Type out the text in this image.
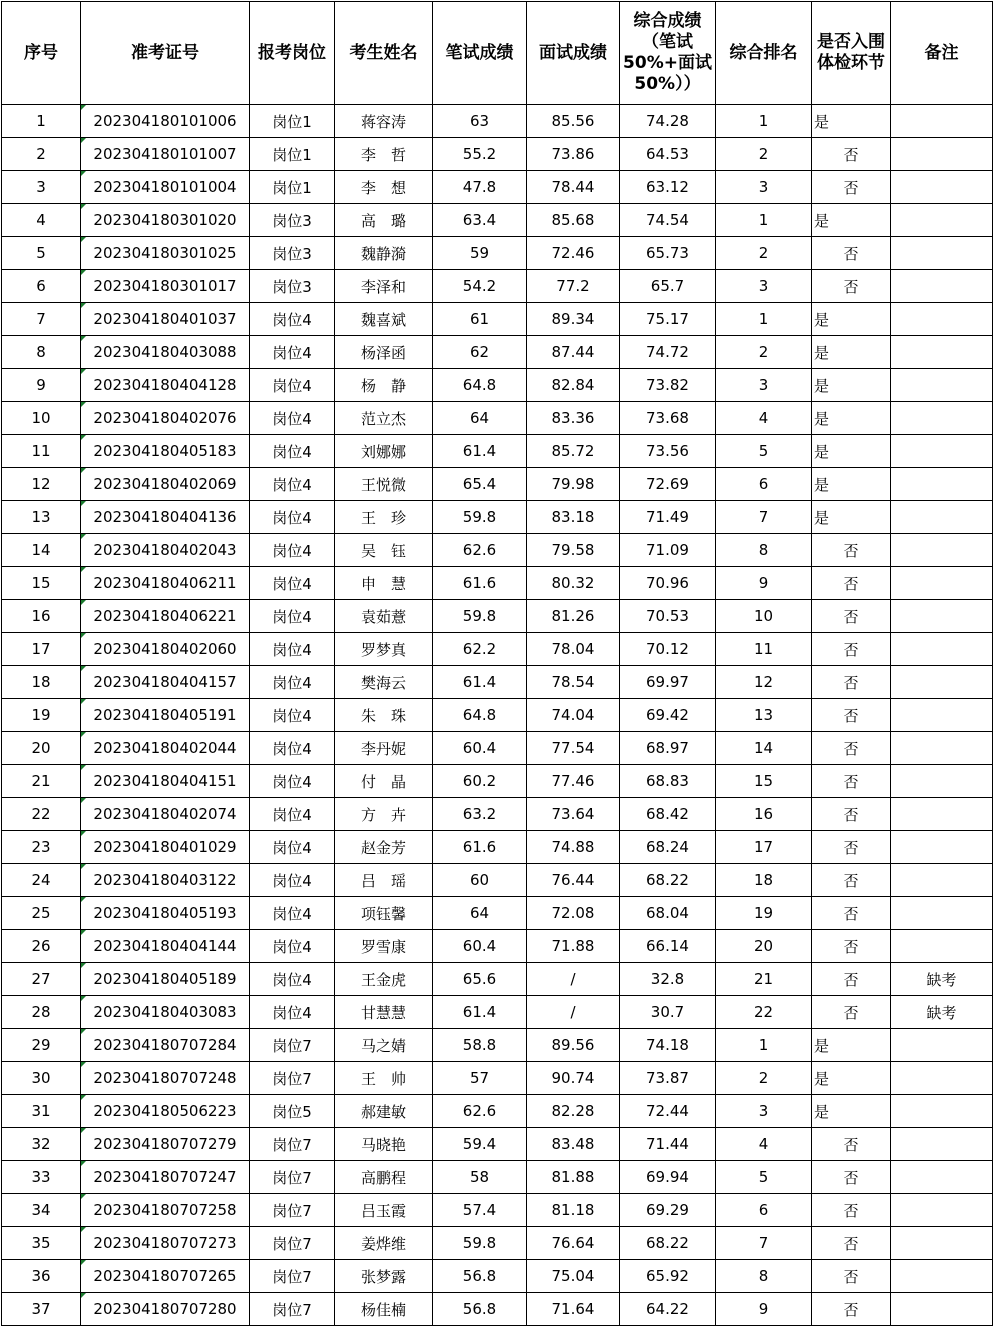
序号	准考证号	报考岗位	考生姓名	笔试成绩	面试成绩	综合成绩（笔试50%+面试50%））	综合排名	是否入围体检环节	备注
1	202304180101006	岗位1	蒋容涛	63	85.56	74.28	1	是	
2	202304180101007	岗位1	李　哲	55.2	73.86	64.53	2	否	
3	202304180101004	岗位1	李　想	47.8	78.44	63.12	3	否	
4	202304180301020	岗位3	高　璐	63.4	85.68	74.54	1	是	
5	202304180301025	岗位3	魏静漪	59	72.46	65.73	2	否	
6	202304180301017	岗位3	李泽和	54.2	77.2	65.7	3	否	
7	202304180401037	岗位4	魏喜斌	61	89.34	75.17	1	是	
8	202304180403088	岗位4	杨泽函	62	87.44	74.72	2	是	
9	202304180404128	岗位4	杨　静	64.8	82.84	73.82	3	是	
10	202304180402076	岗位4	范立杰	64	83.36	73.68	4	是	
11	202304180405183	岗位4	刘娜娜	61.4	85.72	73.56	5	是	
12	202304180402069	岗位4	王悦微	65.4	79.98	72.69	6	是	
13	202304180404136	岗位4	王　珍	59.8	83.18	71.49	7	是	
14	202304180402043	岗位4	吴　钰	62.6	79.58	71.09	8	否	
15	202304180406211	岗位4	申　慧	61.6	80.32	70.96	9	否	
16	202304180406221	岗位4	袁茹薏	59.8	81.26	70.53	10	否	
17	202304180402060	岗位4	罗梦真	62.2	78.04	70.12	11	否	
18	202304180404157	岗位4	樊海云	61.4	78.54	69.97	12	否	
19	202304180405191	岗位4	朱　珠	64.8	74.04	69.42	13	否	
20	202304180402044	岗位4	李丹妮	60.4	77.54	68.97	14	否	
21	202304180404151	岗位4	付　晶	60.2	77.46	68.83	15	否	
22	202304180402074	岗位4	方　卉	63.2	73.64	68.42	16	否	
23	202304180401029	岗位4	赵金芳	61.6	74.88	68.24	17	否	
24	202304180403122	岗位4	吕　瑶	60	76.44	68.22	18	否	
25	202304180405193	岗位4	项钰馨	64	72.08	68.04	19	否	
26	202304180404144	岗位4	罗雪康	60.4	71.88	66.14	20	否	
27	202304180405189	岗位4	王金虎	65.6	/	32.8	21	否	缺考
28	202304180403083	岗位4	甘慧慧	61.4	/	30.7	22	否	缺考
29	202304180707284	岗位7	马之婧	58.8	89.56	74.18	1	是	
30	202304180707248	岗位7	王　帅	57	90.74	73.87	2	是	
31	202304180506223	岗位5	郝建敏	62.6	82.28	72.44	3	是	
32	202304180707279	岗位7	马晓艳	59.4	83.48	71.44	4	否	
33	202304180707247	岗位7	高鹏程	58	81.88	69.94	5	否	
34	202304180707258	岗位7	吕玉霞	57.4	81.18	69.29	6	否	
35	202304180707273	岗位7	姜烨维	59.8	76.64	68.22	7	否	
36	202304180707265	岗位7	张梦露	56.8	75.04	65.92	8	否	
37	202304180707280	岗位7	杨佳楠	56.8	71.64	64.22	9	否	
